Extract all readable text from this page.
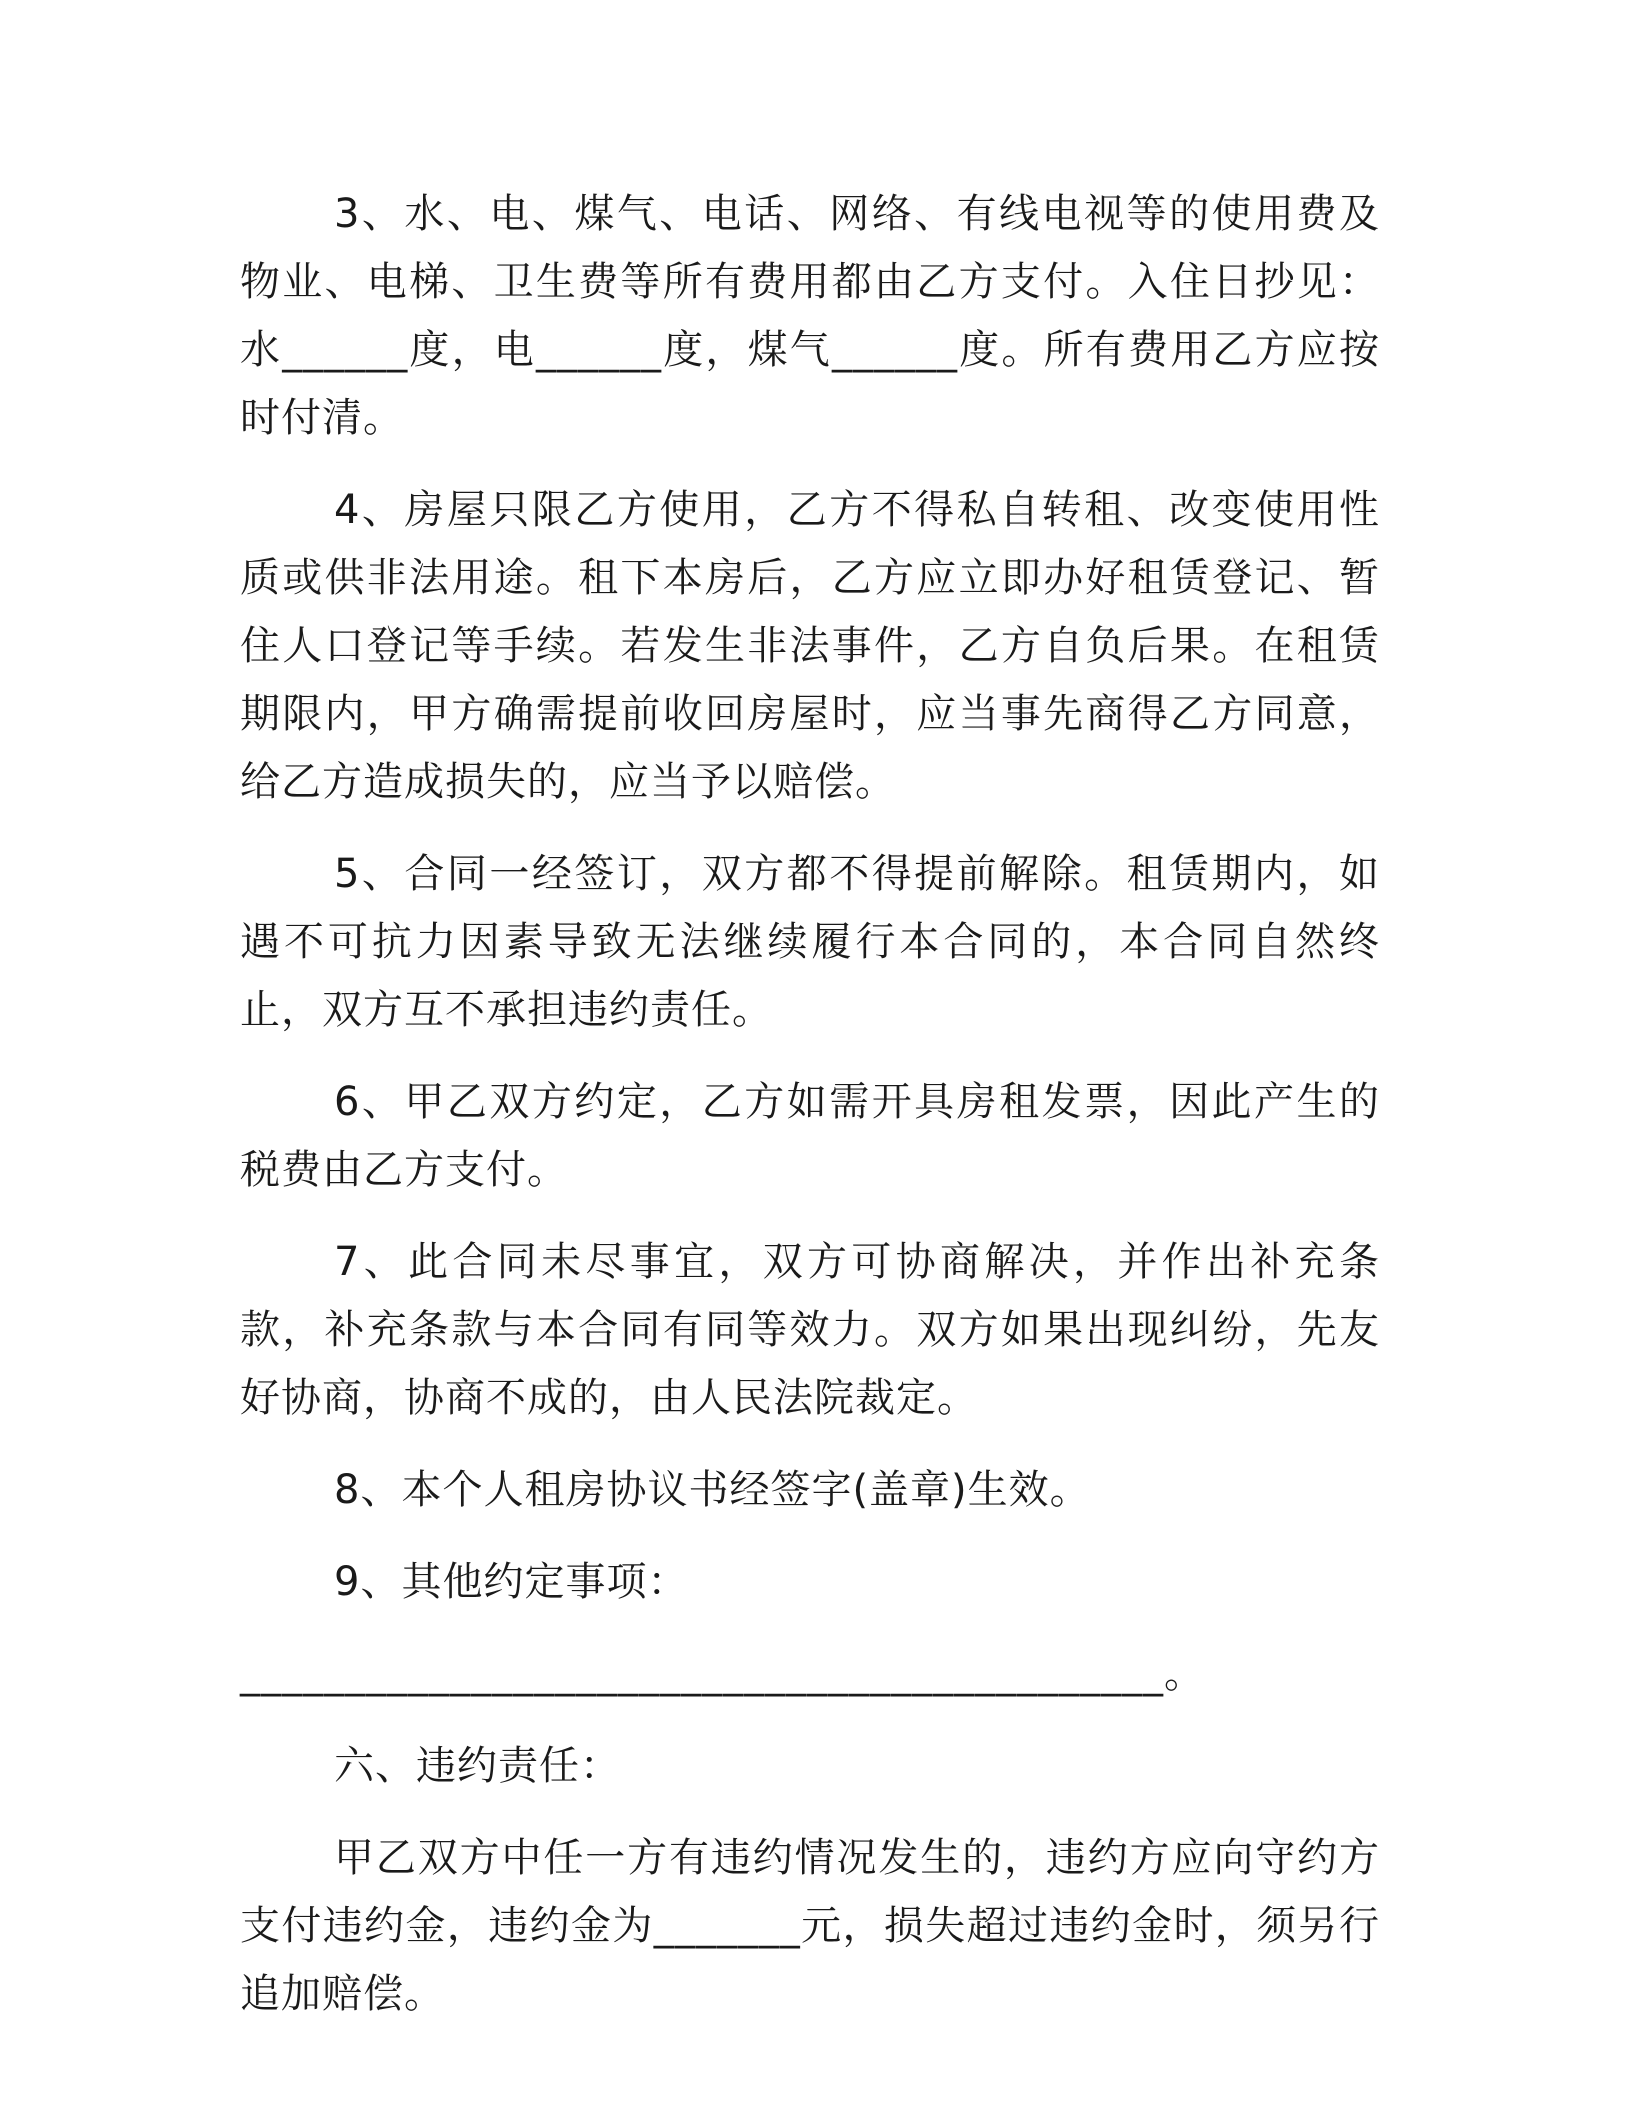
3、水、电、煤气、电话、网络、有线电视等的使用费及物业、电梯、卫生费等所有费用都由乙方支付。入住日抄见：水______度，电______度，煤气______度。所有费用乙方应按时付清。

4、房屋只限乙方使用，乙方不得私自转租、改变使用性质或供非法用途。租下本房后，乙方应立即办好租赁登记、暂住人口登记等手续。若发生非法事件，乙方自负后果。在租赁期限内，甲方确需提前收回房屋时，应当事先商得乙方同意，给乙方造成损失的，应当予以赔偿。

5、合同一经签订，双方都不得提前解除。租赁期内，如遇不可抗力因素导致无法继续履行本合同的，本合同自然终止，双方互不承担违约责任。

6、甲乙双方约定，乙方如需开具房租发票，因此产生的税费由乙方支付。

7、此合同未尽事宜，双方可协商解决，并作出补充条款，补充条款与本合同有同等效力。双方如果出现纠纷，先友好协商，协商不成的，由人民法院裁定。

8、本个人租房协议书经签字(盖章)生效。

9、其他约定事项：

____________________________________________。

六、违约责任：

甲乙双方中任一方有违约情况发生的，违约方应向守约方支付违约金，违约金为_______元，损失超过违约金时，须另行追加赔偿。
